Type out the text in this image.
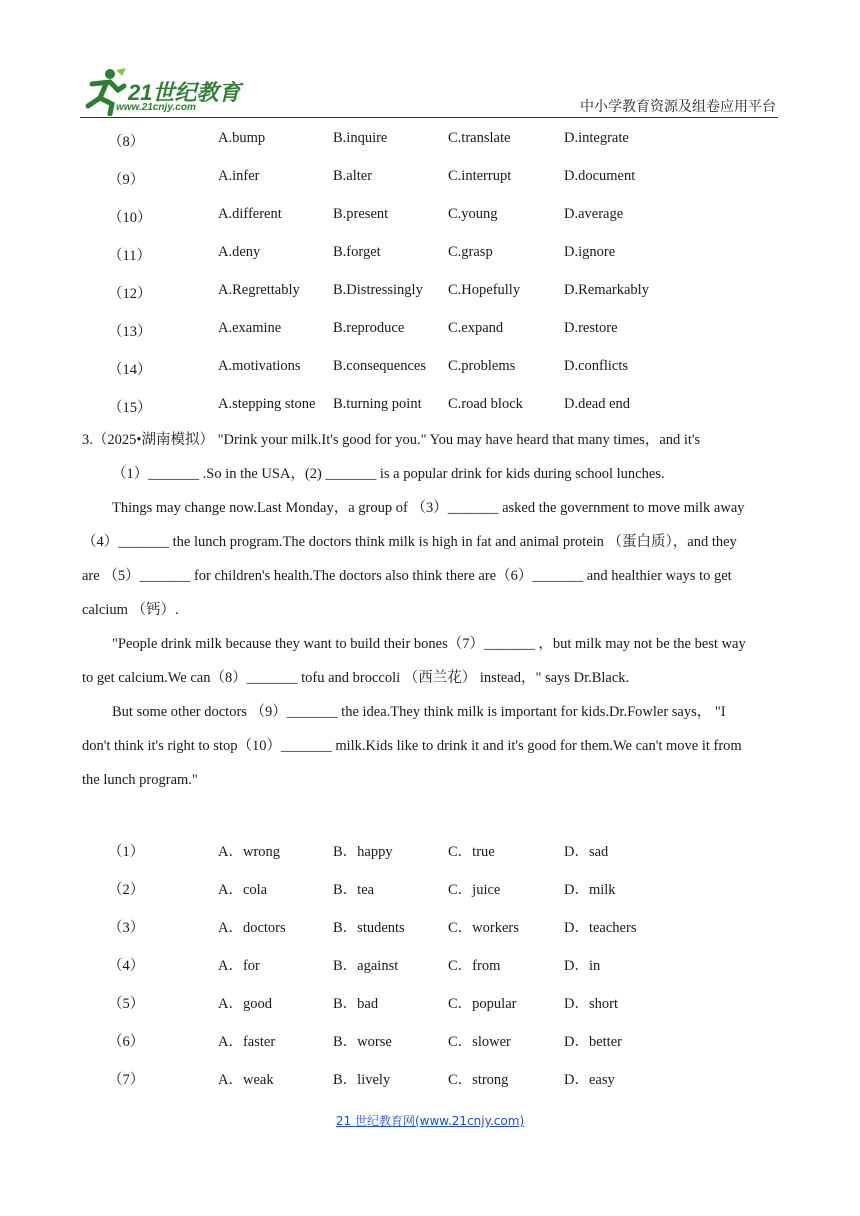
21世纪教育
www.21cnjy.com	中小学教育资源及组卷应用平台
（8）	A.bump	B.inquire	C.translate	D.integrate
（9）	A.infer	B.alter	C.interrupt	D.document
（10）	A.different	B.present	C.young	D.average
（11）	A.deny	B.forget	C.grasp	D.ignore
（12）	A.Regrettably B.Distressingly C.Hopefully	D.Remarkably
（13）	A.examine	B.reproduce	C.expand	D.restore
（14）	A.motivations B.consequences C.problems	D.conflicts
（15）	A.stepping stone B.turning point C.road block	D.dead end
3.（2025•湖南模拟） "Drink your milk.It's good for you." You may have heard that many times，and it's
（1）_______ .So in the USA，(2) _______ is a popular drink for kids during school lunches.
Things may change now.Last Monday，a group of （3）_______ asked the government to move milk away
（4）_______ the lunch program.The doctors think milk is high in fat and animal protein （蛋白质），and they
are （5）_______ for children's health.The doctors also think there are（6）_______ and healthier ways to get
calcium （钙）.
"People drink milk because they want to build their bones（7）_______ ，but milk may not be the best way
to get calcium.We can（8）_______ tofu and broccoli （西兰花） instead，" says Dr.Black.
But some other doctors （9）_______ the idea.They think milk is important for kids.Dr.Fowler says， "I
don't think it's right to stop（10）_______ milk.Kids like to drink it and it's good for them.We can't move it from
the lunch program."
（1）	A．wrong	B．happy	C．true	D．sad
（2）	A．cola	B．tea	C．juice	D．milk
（3）	A．doctors	B．students	C．workers	D．teachers
（4）	A．for	B．against	C．from	D．in
（5）	A．good	B．bad	C．popular	D．short
（6）	A．faster	B．worse	C．slower	D．better
（7）	A．weak	B．lively	C．strong	D．easy
21 世纪教育网(www.21cnjy.com)
